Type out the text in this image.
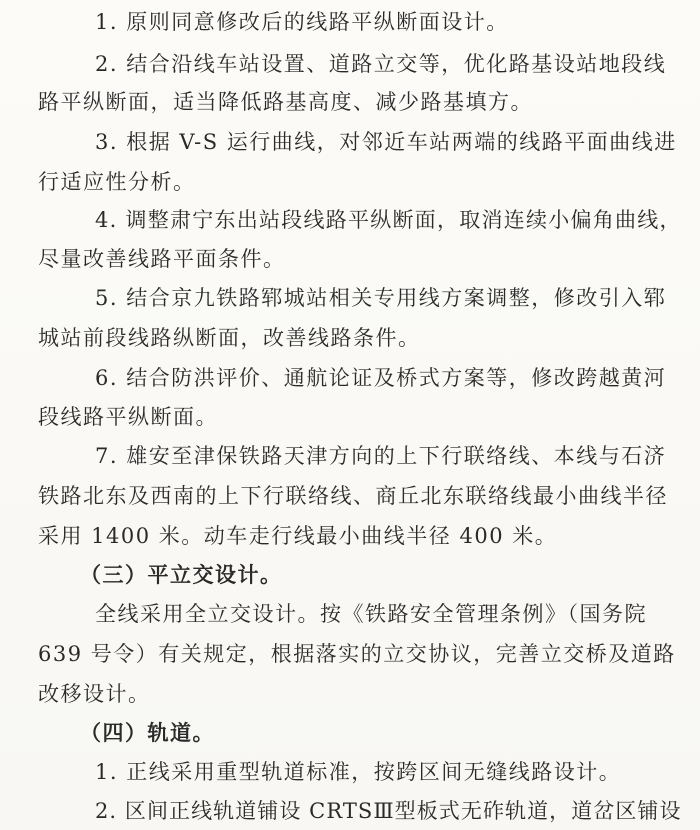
1. 原则同意修改后的线路平纵断面设计。
2. 结合沿线车站设置、道路立交等，优化路基设站地段线
路平纵断面，适当降低路基高度、减少路基填方。
3. 根据 V-S 运行曲线，对邻近车站两端的线路平面曲线进
行适应性分析。
4. 调整肃宁东出站段线路平纵断面，取消连续小偏角曲线，
尽量改善线路平面条件。
5. 结合京九铁路郓城站相关专用线方案调整，修改引入郓
城站前段线路纵断面，改善线路条件。
6. 结合防洪评价、通航论证及桥式方案等，修改跨越黄河
段线路平纵断面。
7. 雄安至津保铁路天津方向的上下行联络线、本线与石济
铁路北东及西南的上下行联络线、商丘北东联络线最小曲线半径
采用 1400 米。动车走行线最小曲线半径 400 米。
（三）平立交设计。
全线采用全立交设计。按《铁路安全管理条例》（国务院
639 号令）有关规定，根据落实的立交协议，完善立交桥及道路
改移设计。
（四）轨道。
1. 正线采用重型轨道标准，按跨区间无缝线路设计。
2. 区间正线轨道铺设 CRTSⅢ型板式无砟轨道，道岔区铺设
